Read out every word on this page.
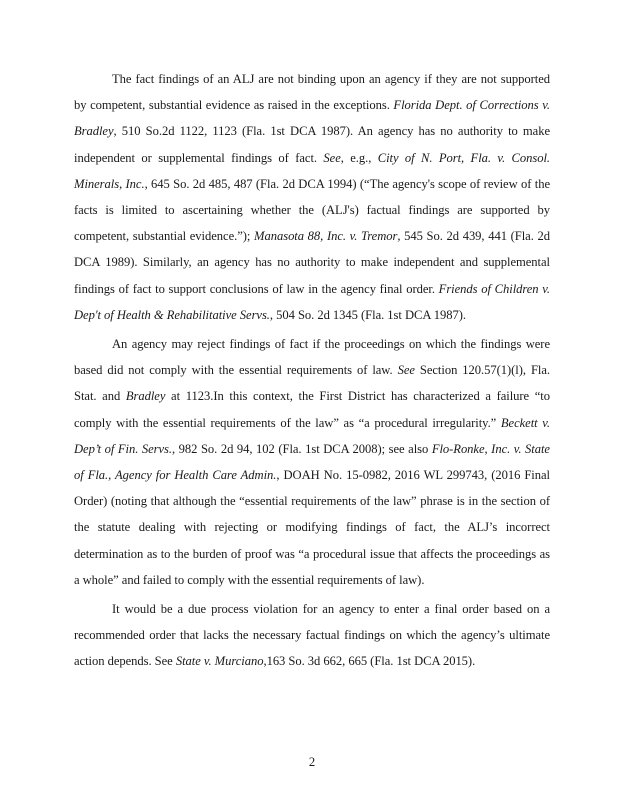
The fact findings of an ALJ are not binding upon an agency if they are not supported by competent, substantial evidence as raised in the exceptions. Florida Dept. of Corrections v. Bradley, 510 So.2d 1122, 1123 (Fla. 1st DCA 1987). An agency has no authority to make independent or supplemental findings of fact. See, e.g., City of N. Port, Fla. v. Consol. Minerals, Inc., 645 So. 2d 485, 487 (Fla. 2d DCA 1994) (“The agency's scope of review of the facts is limited to ascertaining whether the (ALJ's) factual findings are supported by competent, substantial evidence.”); Manasota 88, Inc. v. Tremor, 545 So. 2d 439, 441 (Fla. 2d DCA 1989). Similarly, an agency has no authority to make independent and supplemental findings of fact to support conclusions of law in the agency final order. Friends of Children v. Dep't of Health & Rehabilitative Servs., 504 So. 2d 1345 (Fla. 1st DCA 1987).

An agency may reject findings of fact if the proceedings on which the findings were based did not comply with the essential requirements of law. See Section 120.57(1)(l), Fla. Stat. and Bradley at 1123.In this context, the First District has characterized a failure “to comply with the essential requirements of the law” as “a procedural irregularity.” Beckett v. Dep’t of Fin. Servs., 982 So. 2d 94, 102 (Fla. 1st DCA 2008); see also Flo-Ronke, Inc. v. State of Fla., Agency for Health Care Admin., DOAH No. 15-0982, 2016 WL 299743, (2016 Final Order) (noting that although the “essential requirements of the law” phrase is in the section of the statute dealing with rejecting or modifying findings of fact, the ALJ’s incorrect determination as to the burden of proof was “a procedural issue that affects the proceedings as a whole” and failed to comply with the essential requirements of law).

It would be a due process violation for an agency to enter a final order based on a recommended order that lacks the necessary factual findings on which the agency’s ultimate action depends. See State v. Murciano,163 So. 3d 662, 665 (Fla. 1st DCA 2015).

2
